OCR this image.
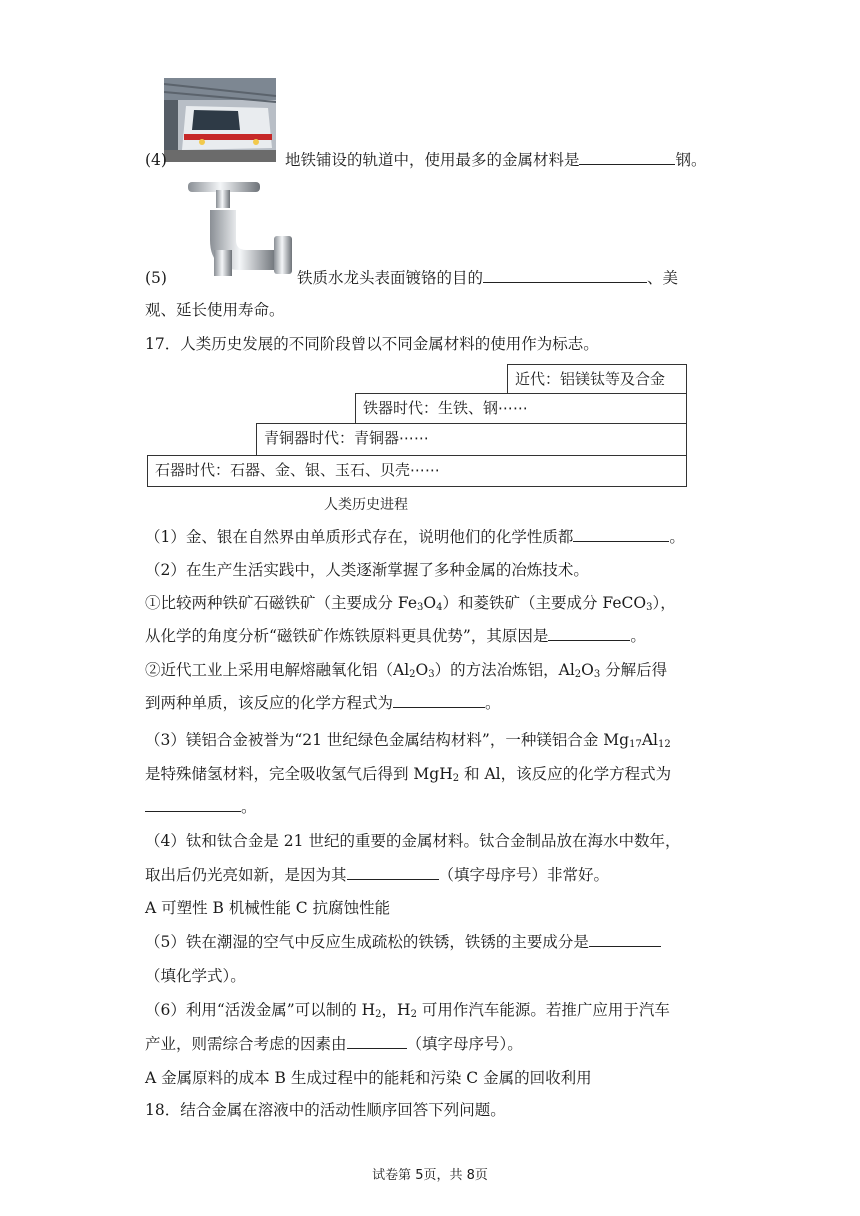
(4)	地铁铺设的轨道中，使用最多的金属材料是	钢。
(5)	铁质水龙头表面镀铬的目的	、美
观、延长使用寿命。
17．人类历史发展的不同阶段曾以不同金属材料的使用作为标志。
近代：铝镁钛等及合金
铁器时代：生铁、钢⋯⋯
青铜器时代：青铜器⋯⋯
石器时代：石器、金、银、玉石、贝壳⋯⋯
人类历史进程
（1）金、银在自然界由单质形式存在，说明他们的化学性质都	。
（2）在生产生活实践中，人类逐渐掌握了多种金属的冶炼技术。
①比较两种铁矿石磁铁矿（主要成分 $Fe_3O_4$）和菱铁矿（主要成分 FeCO$_3$），
从化学的角度分析“磁铁矿作炼铁原料更具优势”，其原因是	。
②近代工业上采用电解熔融氧化铝$(Al_2O_3)$的方法冶炼铝，$Al_2O_3$ 分解后得
到两种单质，该反应的化学方程式为	。
（3）镁铝合金被誉为“21 世纪绿色金属结构材料”，一种镁铝合金 $Mg_{17}Al_{12}$
是特殊储氢材料，完全吸收氢气后得到 MgH$_2$ 和 Al，该反应的化学方程式为
。
（4）钛和钛合金是 21 世纪的重要的金属材料。钛合金制品放在海水中数年，
取出后仍光亮如新，是因为其	（填字母序号）非常好。
A 可塑性 B 机械性能 C 抗腐蚀性能
（5）铁在潮湿的空气中反应生成疏松的铁锈，铁锈的主要成分是
（填化学式）。
（6）利用“活泼金属”可以制的 $H_2$，$H_2$ 可用作汽车能源。若推广应用于汽车
产业，则需综合考虑的因素由	（填字母序号）。
A 金属原料的成本 B 生成过程中的能耗和污染 C 金属的回收利用
18．结合金属在溶液中的活动性顺序回答下列问题。
试卷第 5页，共 8页
